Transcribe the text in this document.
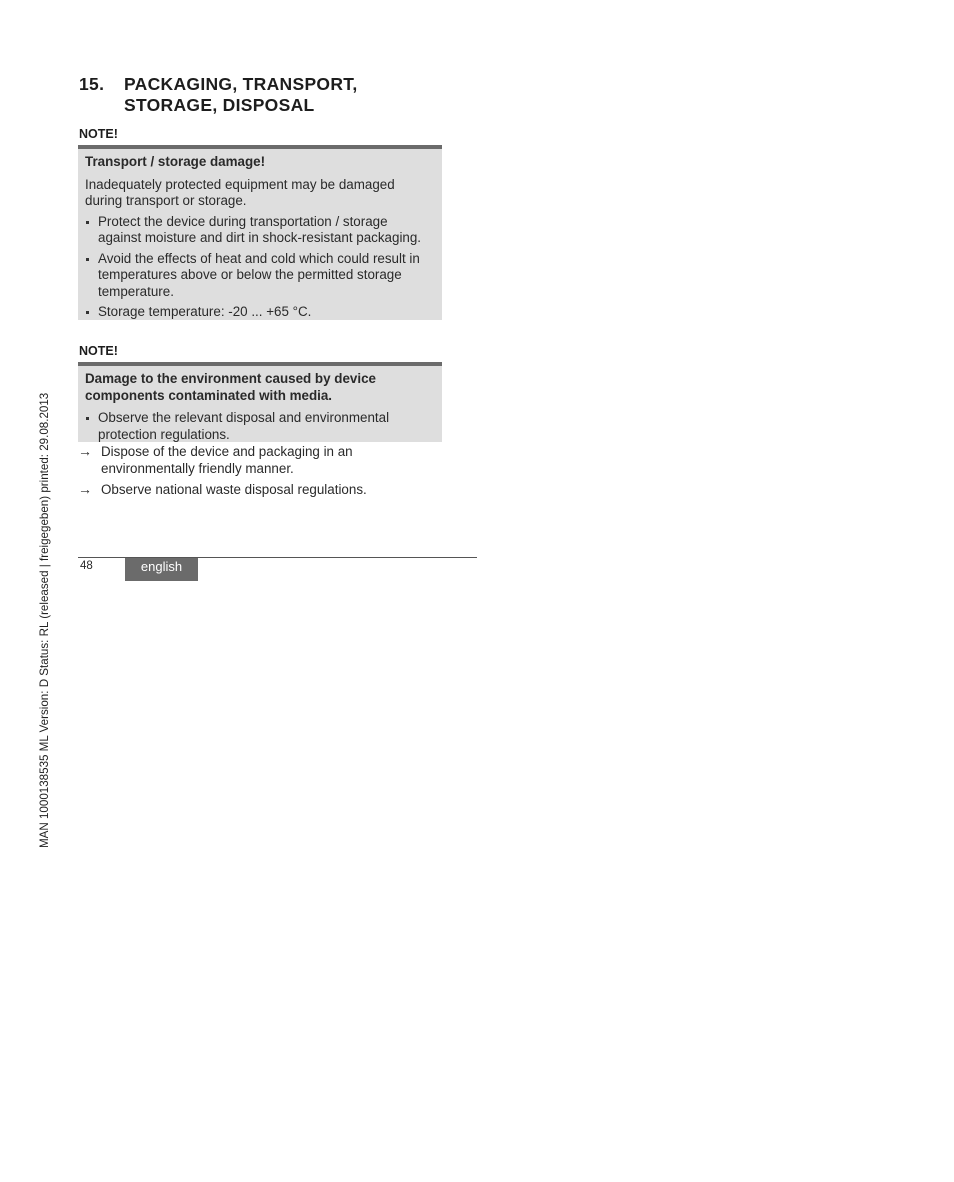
MAN 1000138535 ML Version: D Status: RL (released | freigegeben) printed: 29.08.2013
15. PACKAGING, TRANSPORT,
STORAGE, DISPOSAL
NOTE!
Transport / storage damage!

Inadequately protected equipment may be damaged during transport or storage.

Protect the device during transportation / storage against moisture and dirt in shock-resistant packaging.
Avoid the effects of heat and cold which could result in temperatures above or below the permitted storage temperature.
Storage temperature: -20 ... +65 °C.
NOTE!
Damage to the environment caused by device components contaminated with media.
Observe the relevant disposal and environmental protection regulations.
→ Dispose of the device and packaging in an environmentally friendly manner.
→ Observe national waste disposal regulations.
48	english
